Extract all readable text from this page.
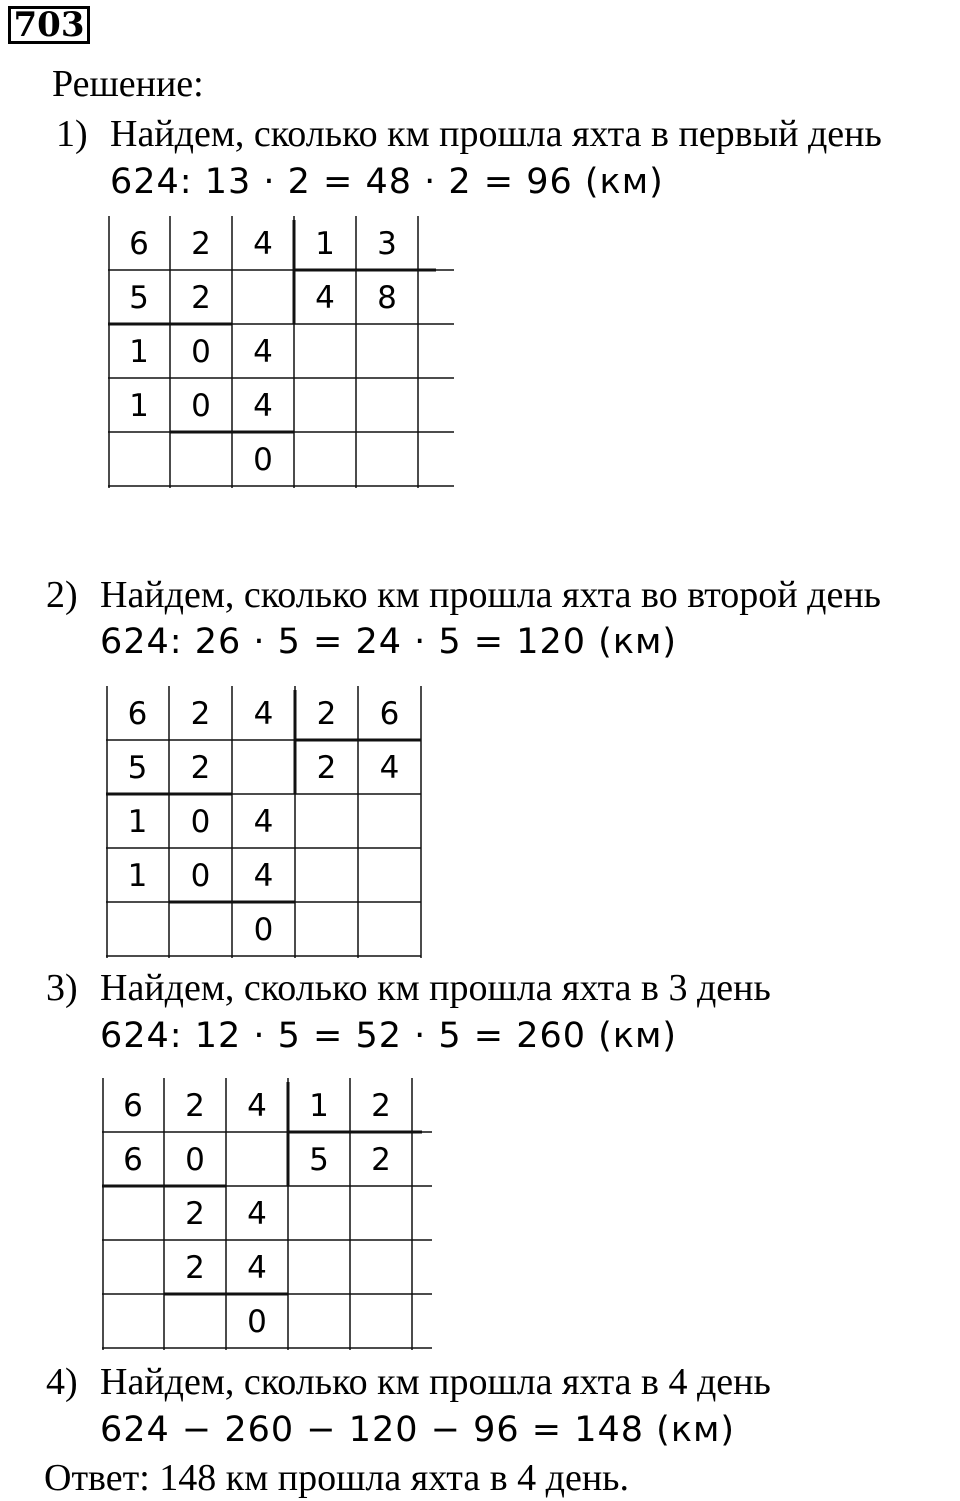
703
Решение:
1) Найдем, сколько км прошла яхта в первый день
624: 13 · 2 = 48 · 2 = 96 (км)
6 2 4 1 3
4 8
5 2
1 0 4
1 0 4
0
2) Найдем, сколько км прошла яхта во второй день
624: 26 · 5 = 24 · 5 = 120 (км)
6 2 4 2 6
2 4
5 2
1 0 4
1 0 4
0
3) Найдем, сколько км прошла яхта в 3 день
624: 12 · 5 = 52 · 5 = 260 (км)
6 2 4 1 2
5 2
6 0
2 4
2 4
0
4) Найдем, сколько км прошла яхта в 4 день
624 − 260 − 120 − 96 = 148 (км)
Ответ: 148 км прошла яхта в 4 день.
